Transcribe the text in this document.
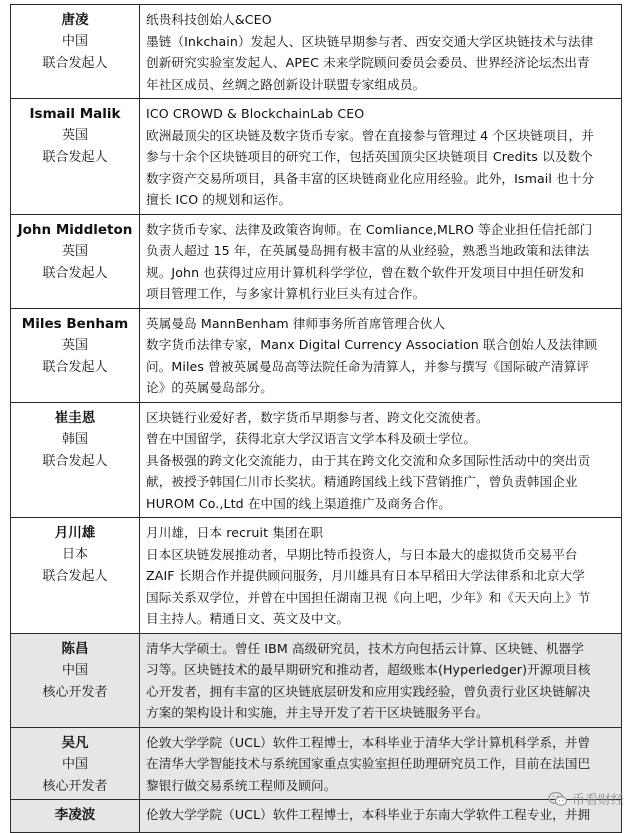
唐凌
中国
联合发起人	纸贵科技创始人&CEO
墨链（Inkchain）发起人、区块链早期参与者、西安交通大学区块链技术与法律
创新研究实验室发起人、APEC 未来学院顾问委员会委员、世界经济论坛杰出青
年社区成员、丝绸之路创新设计联盟专家组成员。

Ismail Malik
英国
联合发起人	ICO CROWD & BlockchainLab CEO
欧洲最顶尖的区块链及数字货币专家。曾在直接参与管理过 4 个区块链项目，并
参与十余个区块链项目的研究工作，包括英国顶尖区块链项目 Credits 以及数个
数字资产交易所项目，具备丰富的区块链商业化应用经验。此外，Ismail 也十分
擅长 ICO 的规划和运作。

John Middleton
英国
联合发起人	数字货币专家、法律及政策咨询师。在 Comliance,MLRO 等企业担任信托部门
负责人超过 15 年，在英属曼岛拥有极丰富的从业经验，熟悉当地政策和法律法
规。John 也获得过应用计算机科学学位，曾在数个软件开发项目中担任研发和
项目管理工作，与多家计算机行业巨头有过合作。

Miles Benham
英国
联合发起人	英属曼岛 MannBenham 律师事务所首席管理合伙人
数字货币法律专家，Manx Digital Currency Association 联合创始人及法律顾
问。Miles 曾被英属曼岛高等法院任命为清算人，并参与撰写《国际破产清算评
论》的英属曼岛部分。

崔圭恩
韩国
联合发起人	区块链行业爱好者，数字货币早期参与者、跨文化交流使者。
曾在中国留学，获得北京大学汉语言文学本科及硕士学位。
具备极强的跨文化交流能力，由于其在跨文化交流和众多国际性活动中的突出贡
献，被授予韩国仁川市长奖状。精通跨国线上线下营销推广，曾负责韩国企业
HUROM Co.,Ltd 在中国的线上渠道推广及商务合作。

月川雄
日本
联合发起人	月川雄，日本 recruit 集团在职
日本区块链发展推动者，早期比特币投资人，与日本最大的虚拟货币交易平台
ZAIF 长期合作并提供顾问服务，月川雄具有日本早稻田大学法律系和北京大学
国际关系双学位，并曾在中国担任湖南卫视《向上吧，少年》和《天天向上》节
目主持人。精通日文、英文及中文。

陈昌
中国
核心开发者	清华大学硕士。曾任 IBM 高级研究员，技术方向包括云计算、区块链、机器学
习等。区块链技术的最早期研究和推动者，超级账本(Hyperledger)开源项目核
心开发者，拥有丰富的区块链底层研发和应用实践经验，曾负责行业区块链解决
方案的架构设计和实施，并主导开发了若干区块链服务平台。

吴凡
中国
核心开发者	伦敦大学学院（UCL）软件工程博士，本科毕业于清华大学计算机科学系，并曾
在清华大学智能技术与系统国家重点实验室担任助理研究员工作，目前在法国巴
黎银行做交易系统工程师及顾问。

李凌波	伦敦大学学院（UCL）软件工程博士，本科毕业于东南大学软件工程专业，并拥
币看财经
